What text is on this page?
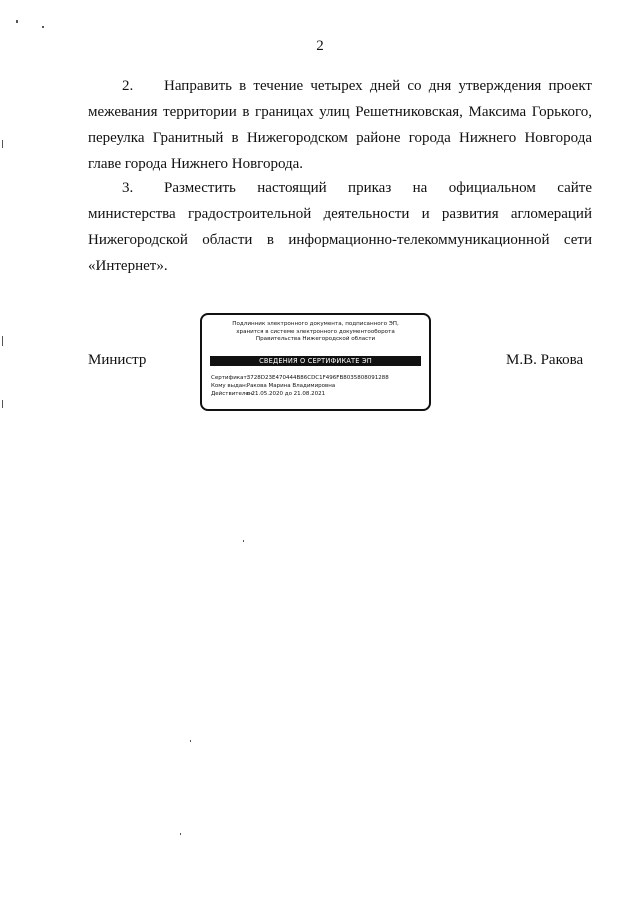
2
2. Направить в течение четырех дней со дня утверждения проект межевания территории в границах улиц Решетниковская, Максима Горького, переулка Гранитный в Нижегородском районе города Нижнего Новгорода главе города Нижнего Новгорода.
3. Разместить настоящий приказ на официальном сайте министерства градостроительной деятельности и развития агломераций Нижегородской области в информационно-телекоммуникационной сети «Интернет».
Министр
Подлинник электронного документа, подписанного ЭП,
хранится в системе электронного документооборота
Правительства Нижегородской области
СВЕДЕНИЯ О СЕРТИФИКАТЕ ЭП
Сертификат: 3728D23E470444B86CDC1F496FB8035808091288
Кому выдан: Ракова Марина Владимировна
Действителен: с 21.05.2020 до 21.08.2021
М.В. Ракова
